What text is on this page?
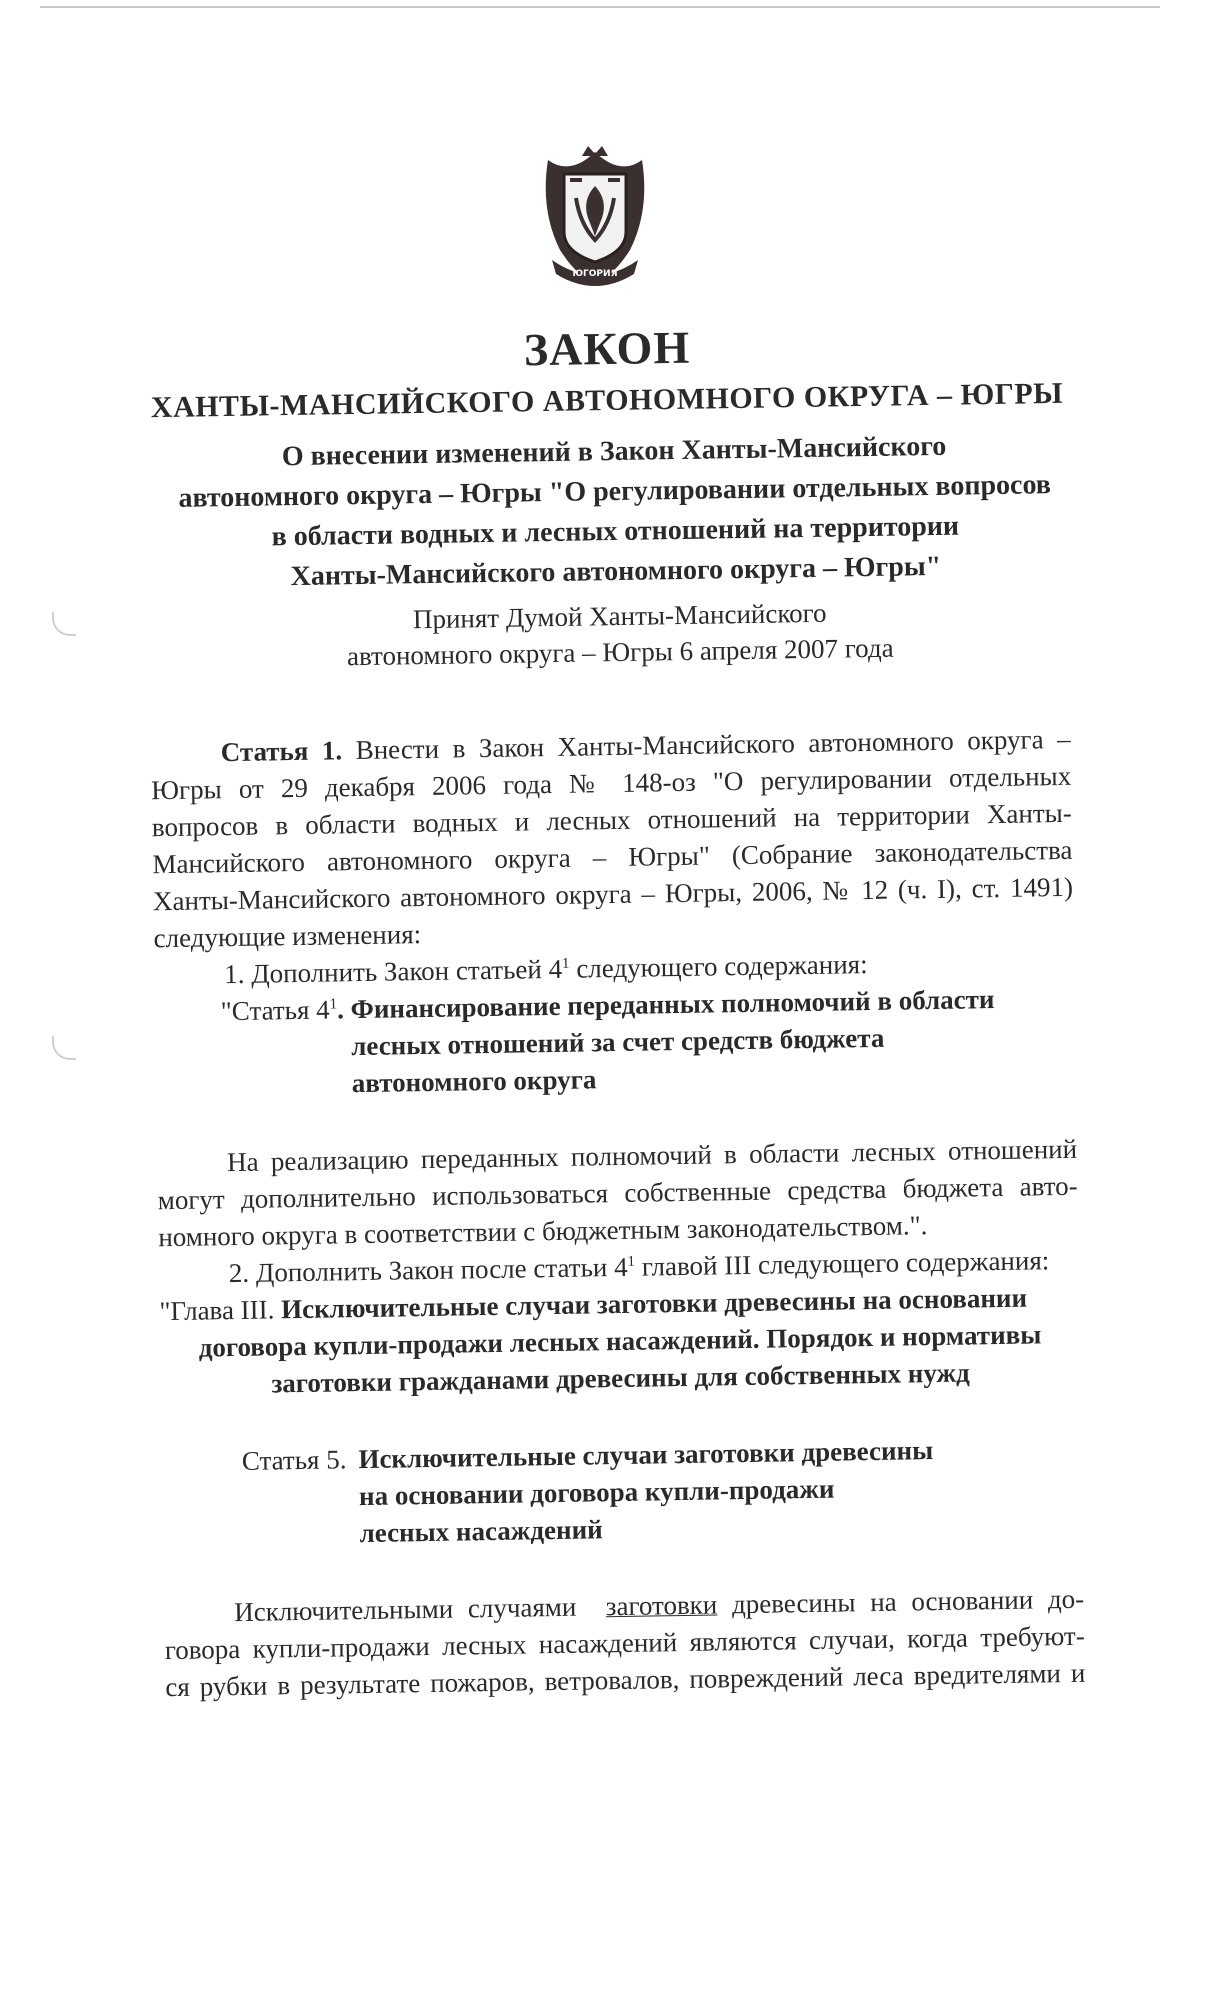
ЮГОРИЯ
ЗАКОН
ХАНТЫ-МАНСИЙСКОГО АВТОНОМНОГО ОКРУГА – ЮГРЫ
О внесении изменений в Закон Ханты-Мансийского
автономного округа – Югры "О регулировании отдельных вопросов
в области водных и лесных отношений на территории
Ханты-Мансийского автономного округа – Югры"
Принят Думой Ханты-Мансийского
автономного округа – Югры 6 апреля 2007 года
Статья 1. Внести в Закон Ханты-Мансийского автономного округа –
Югры от 29 декабря 2006 года № 148-оз "О регулировании отдельных
вопросов в области водных и лесных отношений на территории Ханты-
Мансийского автономного округа – Югры" (Собрание законодательства
Ханты-Мансийского автономного округа – Югры, 2006, № 12 (ч. I), ст. 1491)
следующие изменения:
1. Дополнить Закон статьей $4^1$ следующего содержания:
"Статья $4^1$. Финансирование переданных полномочий в области
лесных отношений за счет средств бюджета
автономного округа
На реализацию переданных полномочий в области лесных отношений
могут дополнительно использоваться собственные средства бюджета авто-
номного округа в соответствии с бюджетным законодательством.".
2. Дополнить Закон после статьи $4^1$ главой III следующего содержания:
"Глава III. Исключительные случаи заготовки древесины на основании
договора купли-продажи лесных насаждений. Порядок и нормативы
заготовки гражданами древесины для собственных нужд
Статья 5. Исключительные случаи заготовки древесины
на основании договора купли-продажи
лесных насаждений
Исключительными случаями заготовки древесины на основании до-
говора купли-продажи лесных насаждений являются случаи, когда требуют-
ся рубки в результате пожаров, ветровалов, повреждений леса вредителями и
